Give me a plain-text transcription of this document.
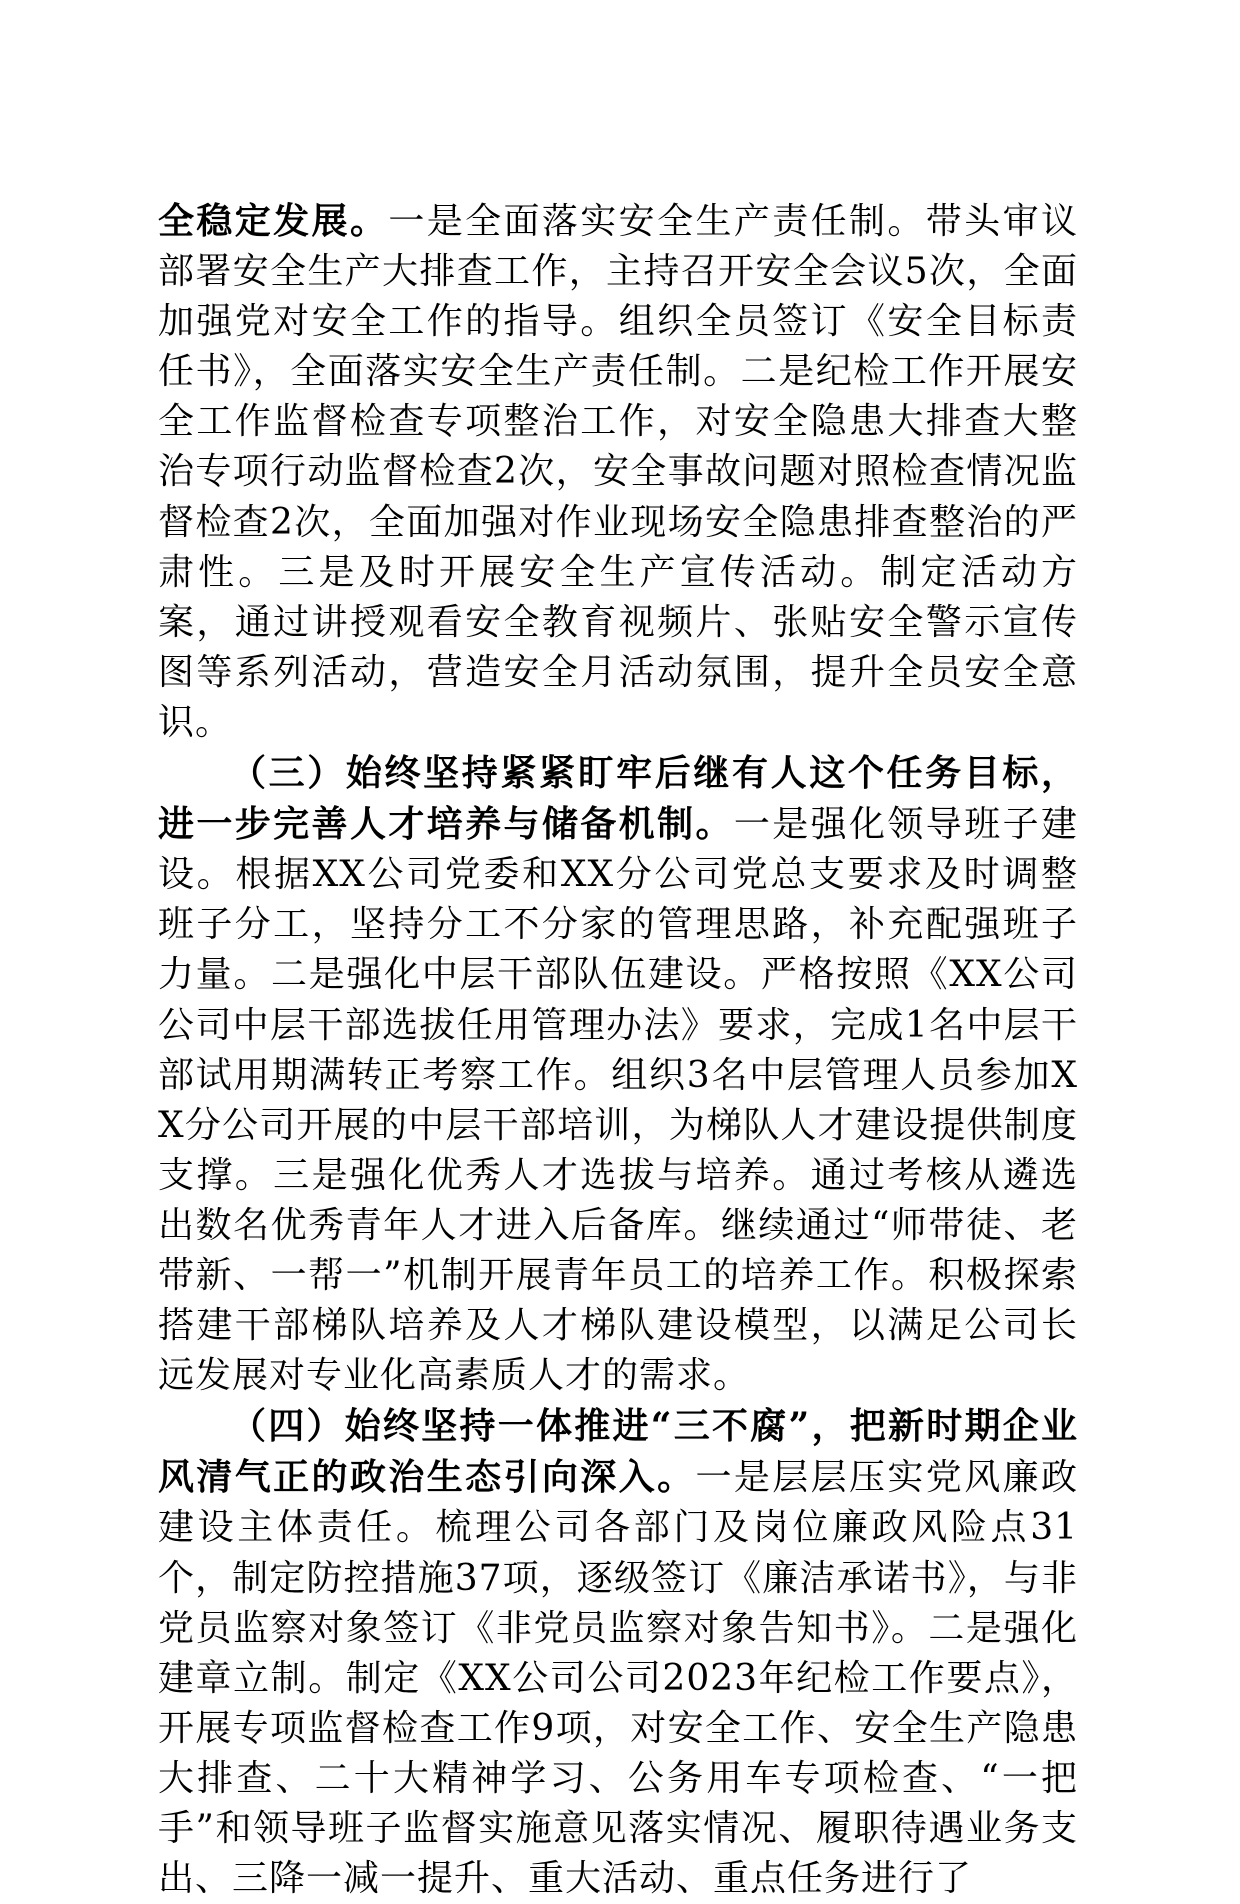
全稳定发展。一是全面落实安全生产责任制。带头审议部署安全生产大排查工作，主持召开安全会议5次，全面加强党对安全工作的指导。组织全员签订《安全目标责任书》，全面落实安全生产责任制。二是纪检工作开展安全工作监督检查专项整治工作，对安全隐患大排查大整治专项行动监督检查2次，安全事故问题对照检查情况监督检查2次，全面加强对作业现场安全隐患排查整治的严肃性。三是及时开展安全生产宣传活动。制定活动方案，通过讲授观看安全教育视频片、张贴安全警示宣传图等系列活动，营造安全月活动氛围，提升全员安全意识。

（三）始终坚持紧紧盯牢后继有人这个任务目标，进一步完善人才培养与储备机制。一是强化领导班子建设。根据XX公司党委和XX分公司党总支要求及时调整班子分工，坚持分工不分家的管理思路，补充配强班子力量。二是强化中层干部队伍建设。严格按照《XX公司公司中层干部选拔任用管理办法》要求，完成1名中层干部试用期满转正考察工作。组织3名中层管理人员参加XX分公司开展的中层干部培训，为梯队人才建设提供制度支撑。三是强化优秀人才选拔与培养。通过考核从遴选出数名优秀青年人才进入后备库。继续通过“师带徒、老带新、一帮一”机制开展青年员工的培养工作。积极探索搭建干部梯队培养及人才梯队建设模型，以满足公司长远发展对专业化高素质人才的需求。

（四）始终坚持一体推进“三不腐”，把新时期企业风清气正的政治生态引向深入。一是层层压实党风廉政建设主体责任。梳理公司各部门及岗位廉政风险点31个，制定防控措施37项，逐级签订《廉洁承诺书》，与非党员监察对象签订《非党员监察对象告知书》。二是强化建章立制。制定《XX公司公司2023年纪检工作要点》，开展专项监督检查工作9项，对安全工作、安全生产隐患大排查、二十大精神学习、公务用车专项检查、“一把手”和领导班子监督实施意见落实情况、履职待遇业务支出、三降一减一提升、重大活动、重点任务进行了
